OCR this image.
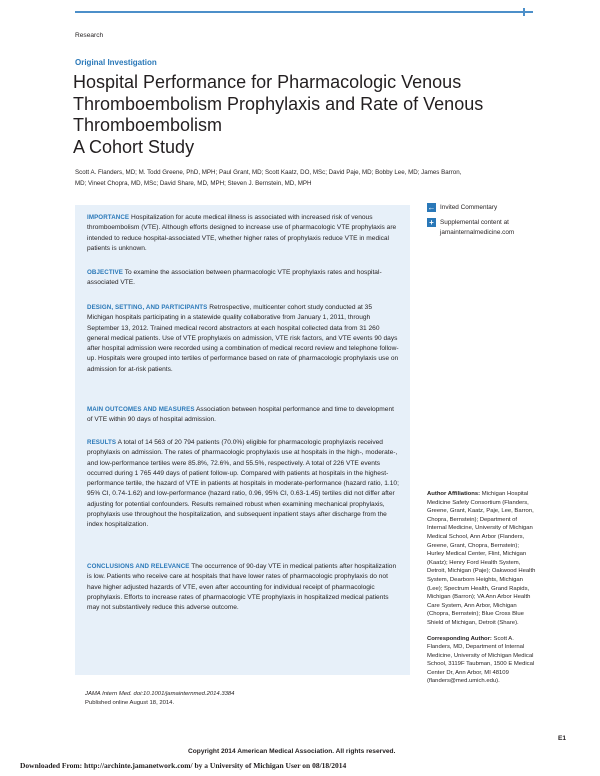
Research
Original Investigation
Hospital Performance for Pharmacologic Venous Thromboembolism Prophylaxis and Rate of Venous Thromboembolism
A Cohort Study
Scott A. Flanders, MD; M. Todd Greene, PhD, MPH; Paul Grant, MD; Scott Kaatz, DO, MSc; David Paje, MD; Bobby Lee, MD; James Barron, MD; Vineet Chopra, MD, MSc; David Share, MD, MPH; Steven J. Bernstein, MD, MPH
IMPORTANCE Hospitalization for acute medical illness is associated with increased risk of venous thromboembolism (VTE). Although efforts designed to increase use of pharmacologic VTE prophylaxis are intended to reduce hospital-associated VTE, whether higher rates of prophylaxis reduce VTE in medical patients is unknown.
OBJECTIVE To examine the association between pharmacologic VTE prophylaxis rates and hospital-associated VTE.
DESIGN, SETTING, AND PARTICIPANTS Retrospective, multicenter cohort study conducted at 35 Michigan hospitals participating in a statewide quality collaborative from January 1, 2011, through September 13, 2012. Trained medical record abstractors at each hospital collected data from 31 260 general medical patients. Use of VTE prophylaxis on admission, VTE risk factors, and VTE events 90 days after hospital admission were recorded using a combination of medical record review and telephone follow-up. Hospitals were grouped into tertiles of performance based on rate of pharmacologic prophylaxis use on admission for at-risk patients.
MAIN OUTCOMES AND MEASURES Association between hospital performance and time to development of VTE within 90 days of hospital admission.
RESULTS A total of 14 563 of 20 794 patients (70.0%) eligible for pharmacologic prophylaxis received prophylaxis on admission. The rates of pharmacologic prophylaxis use at hospitals in the high-, moderate-, and low-performance tertiles were 85.8%, 72.6%, and 55.5%, respectively. A total of 226 VTE events occurred during 1 765 449 days of patient follow-up. Compared with patients at hospitals in the highest-performance tertile, the hazard of VTE in patients at hospitals in moderate-performance (hazard ratio, 1.10; 95% CI, 0.74-1.62) and low-performance (hazard ratio, 0.96, 95% CI, 0.63-1.45) tertiles did not differ after adjusting for potential confounders. Results remained robust when examining mechanical prophylaxis, prophylaxis use throughout the hospitalization, and subsequent inpatient stays after discharge from the index hospitalization.
CONCLUSIONS AND RELEVANCE The occurrence of 90-day VTE in medical patients after hospitalization is low. Patients who receive care at hospitals that have lower rates of pharmacologic prophylaxis do not have higher adjusted hazards of VTE, even after accounting for individual receipt of pharmacologic prophylaxis. Efforts to increase rates of pharmacologic VTE prophylaxis in hospitalized medical patients may not substantively reduce this adverse outcome.
← Invited Commentary
+ Supplemental content at jamainternalmedicine.com
Author Affiliations: Michigan Hospital Medicine Safety Consortium (Flanders, Greene, Grant, Kaatz, Paje, Lee, Barron, Chopra, Bernstein); Department of Internal Medicine, University of Michigan Medical School, Ann Arbor (Flanders, Greene, Grant, Chopra, Bernstein); Hurley Medical Center, Flint, Michigan (Kaatz); Henry Ford Health System, Detroit, Michigan (Paje); Oakwood Health System, Dearborn Heights, Michigan (Lee); Spectrum Health, Grand Rapids, Michigan (Barron); VA Ann Arbor Health Care System, Ann Arbor, Michigan (Chopra, Bernstein); Blue Cross Blue Shield of Michigan, Detroit (Share).
Corresponding Author: Scott A. Flanders, MD, Department of Internal Medicine, University of Michigan Medical School, 3119F Taubman, 1500 E Medical Center Dr, Ann Arbor, MI 48109 (flanders@med.umich.edu).
JAMA Intern Med. doi:10.1001/jamainternmed.2014.3384
Published online August 18, 2014.
Copyright 2014 American Medical Association. All rights reserved.
E1
Downloaded From: http://archinte.jamanetwork.com/ by a University of Michigan User on 08/18/2014
